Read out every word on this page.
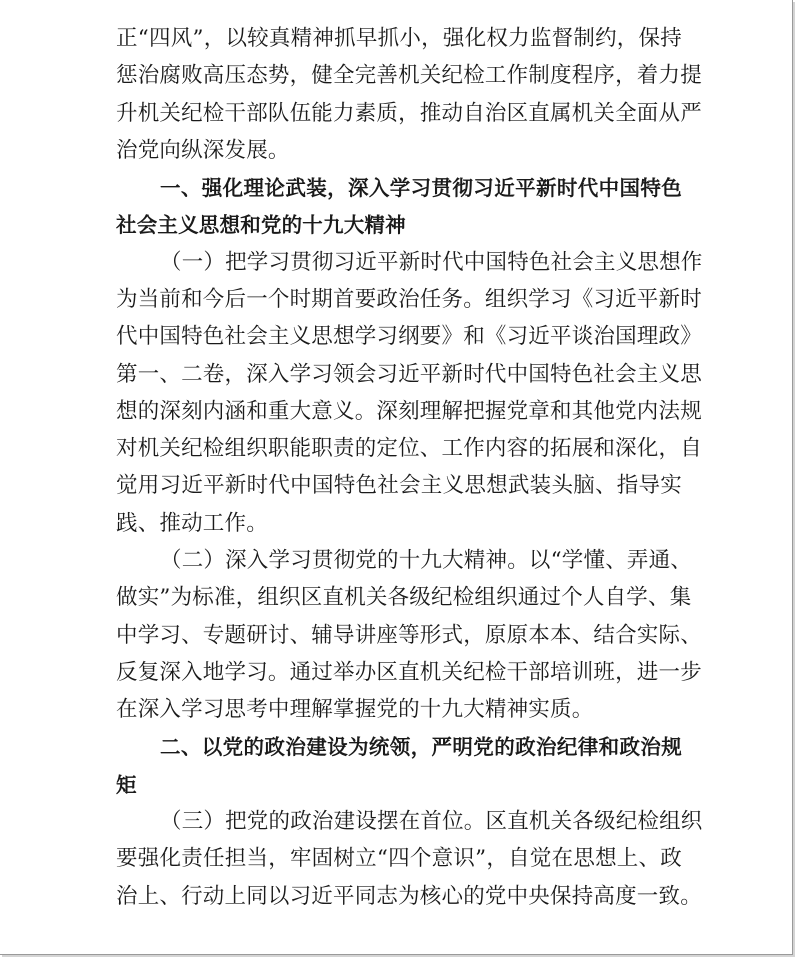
正“四风”，以较真精神抓早抓小，强化权力监督制约，保持
惩治腐败高压态势，健全完善机关纪检工作制度程序，着力提
升机关纪检干部队伍能力素质，推动自治区直属机关全面从严
治党向纵深发展。
一、强化理论武装，深入学习贯彻习近平新时代中国特色
社会主义思想和党的十九大精神
（一）把学习贯彻习近平新时代中国特色社会主义思想作
为当前和今后一个时期首要政治任务。组织学习《习近平新时
代中国特色社会主义思想学习纲要》和《习近平谈治国理政》
第一、二卷，深入学习领会习近平新时代中国特色社会主义思
想的深刻内涵和重大意义。深刻理解把握党章和其他党内法规
对机关纪检组织职能职责的定位、工作内容的拓展和深化，自
觉用习近平新时代中国特色社会主义思想武装头脑、指导实
践、推动工作。
（二）深入学习贯彻党的十九大精神。以“学懂、弄通、
做实”为标准，组织区直机关各级纪检组织通过个人自学、集
中学习、专题研讨、辅导讲座等形式，原原本本、结合实际、
反复深入地学习。通过举办区直机关纪检干部培训班，进一步
在深入学习思考中理解掌握党的十九大精神实质。
二、以党的政治建设为统领，严明党的政治纪律和政治规
矩
（三）把党的政治建设摆在首位。区直机关各级纪检组织
要强化责任担当，牢固树立“四个意识”，自觉在思想上、政
治上、行动上同以习近平同志为核心的党中央保持高度一致。
